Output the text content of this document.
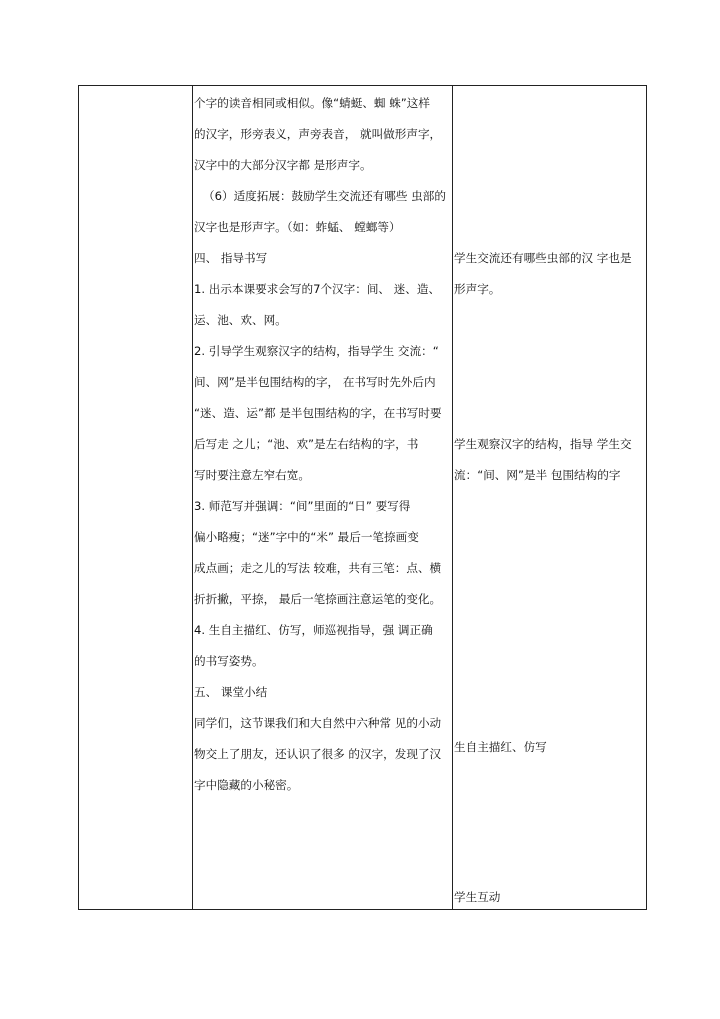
个字的读音相同或相似。像“蜻蜓、蜘 蛛”这样
的汉字，形旁表义，声旁表音， 就叫做形声字，
汉字中的大部分汉字都 是形声字。
（6）适度拓展：鼓励学生交流还有哪些 虫部的
汉字也是形声字。（如：蚱蜢、 螳螂等）
四、 指导书写
1. 出示本课要求会写的7个汉字：间、 迷、造、
运、池、欢、网。
2. 引导学生观察汉字的结构，指导学生 交流：“
间、网”是半包围结构的字， 在书写时先外后内
“迷、造、运”都 是半包围结构的字，在书写时要
后写走 之儿；“池、欢”是左右结构的字，书
写时要注意左窄右宽。
3. 师范写并强调：“间”里面的“日” 要写得
偏小略瘦；“迷”字中的“米” 最后一笔捺画变
成点画；走之儿的写法 较难，共有三笔：点、横
折折撇，平捺， 最后一笔捺画注意运笔的变化。
4. 生自主描红、仿写，师巡视指导，强 调正确
的书写姿势。
五、 课堂小结
同学们，这节课我们和大自然中六种常 见的小动
物交上了朋友，还认识了很多 的汉字，发现了汉
字中隐藏的小秘密。
学生交流还有哪些虫部的汉 字也是
形声字。
学生观察汉字的结构，指导 学生交
流：“间、网”是半 包围结构的字
生自主描红、仿写
学生互动
